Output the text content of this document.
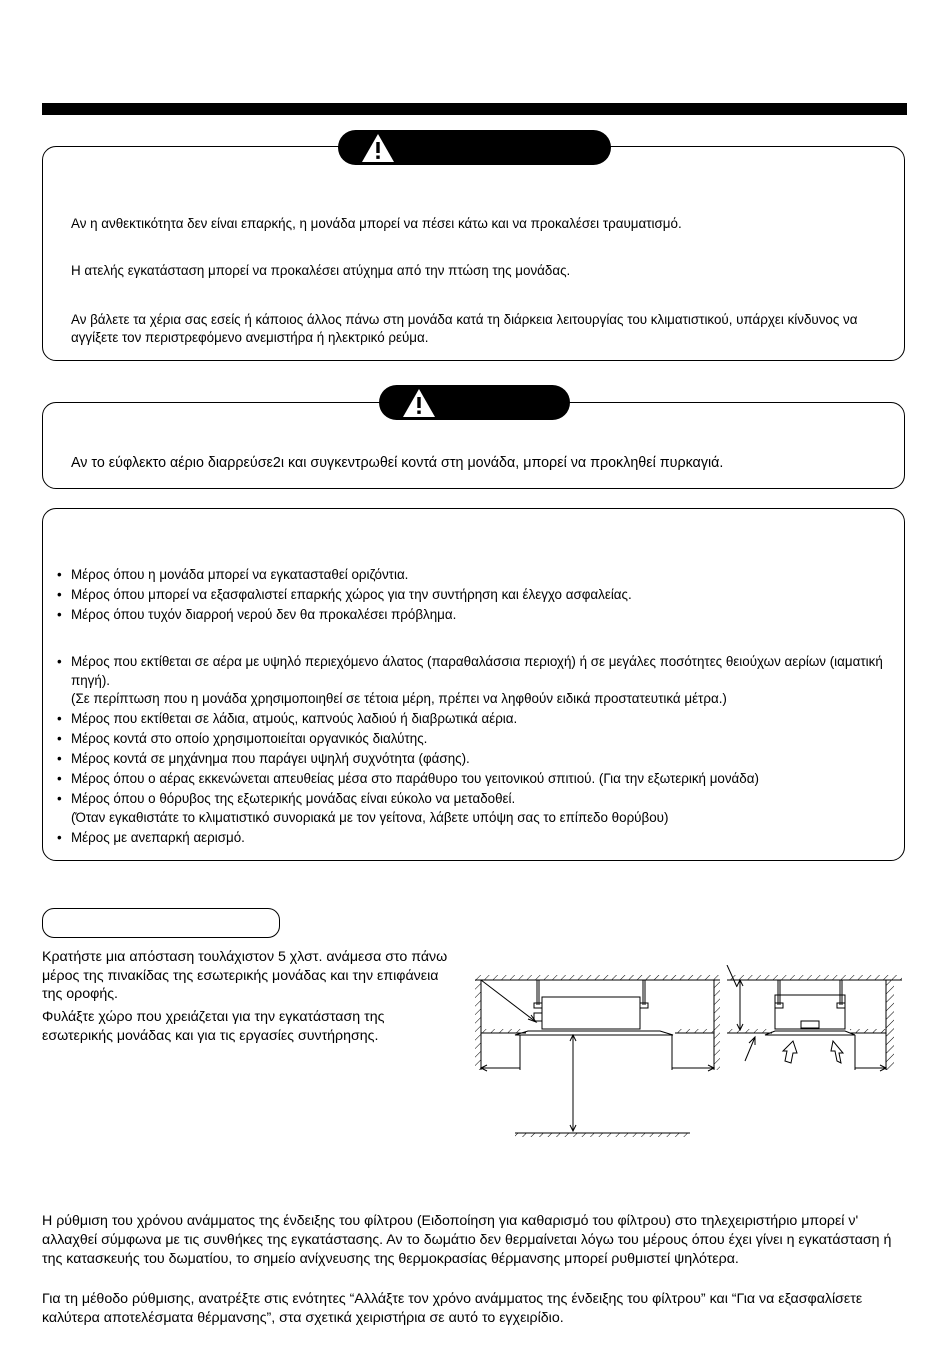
Αν η ανθεκτικότητα δεν είναι επαρκής, η μονάδα μπορεί να πέσει κάτω και να προκαλέσει τραυματισμό.
Η ατελής εγκατάσταση μπορεί να προκαλέσει ατύχημα από την πτώση της μονάδας.
Αν βάλετε τα χέρια σας εσείς ή κάποιος άλλος πάνω στη μονάδα κατά τη διάρκεια λειτουργίας του κλιματιστικού, υπάρχει κίνδυνος να αγγίξετε τον περιστρεφόμενο ανεμιστήρα ή ηλεκτρικό ρεύμα.
Αν το εύφλεκτο αέριο διαρρεύσε2ι και συγκεντρωθεί κοντά στη μονάδα, μπορεί να προκληθεί πυρκαγιά.
• Μέρος όπου η μονάδα μπορεί να εγκατασταθεί οριζόντια.
• Μέρος όπου μπορεί να εξασφαλιστεί επαρκής χώρος για την συντήρηση και έλεγχο ασφαλείας.
• Μέρος όπου τυχόν διαρροή νερού δεν θα προκαλέσει πρόβλημα.
• Μέρος που εκτίθεται σε αέρα με υψηλό περιεχόμενο άλατος (παραθαλάσσια περιοχή) ή σε μεγάλες ποσότητες θειούχων αερίων (ιαματική πηγή).
(Σε περίπτωση που η μονάδα χρησιμοποιηθεί σε τέτοια μέρη, πρέπει να ληφθούν ειδικά προστατευτικά μέτρα.)
• Μέρος που εκτίθεται σε λάδια, ατμούς, καπνούς λαδιού ή διαβρωτικά αέρια.
• Μέρος κοντά στο οποίο χρησιμοποιείται οργανικός διαλύτης.
• Μέρος κοντά σε μηχάνημα που παράγει υψηλή συχνότητα (φάσης).
• Μέρος όπου ο αέρας εκκενώνεται απευθείας μέσα στο παράθυρο του γειτονικού σπιτιού. (Για την εξωτερική μονάδα)
• Μέρος όπου ο θόρυβος της εξωτερικής μονάδας είναι εύκολο να μεταδοθεί.
(Όταν εγκαθιστάτε το κλιματιστικό συνοριακά με τον γείτονα, λάβετε υπόψη σας το επίπεδο θορύβου)
• Μέρος με ανεπαρκή αερισμό.
Κρατήστε μια απόσταση τουλάχιστον 5 χλστ. ανάμεσα στο πάνω μέρος της πινακίδας της εσωτερικής μονάδας και την επιφάνεια της οροφής.
Φυλάξτε χώρο που χρειάζεται για την εγκατάσταση της εσωτερικής μονάδας και για τις εργασίες συντήρησης.
Η ρύθμιση του χρόνου ανάμματος της ένδειξης του φίλτρου (Ειδοποίηση για καθαρισμό του φίλτρου) στο τηλεχειριστήριο μπορεί ν' αλλαχθεί σύμφωνα με τις συνθήκες της εγκατάστασης. Αν το δωμάτιο δεν θερμαίνεται λόγω του μέρους όπου έχει γίνει η εγκατάσταση ή της κατασκευής του δωματίου, το σημείο ανίχνευσης της θερμοκρασίας θέρμανσης μπορεί ρυθμιστεί ψηλότερα.
Για τη μέθοδο ρύθμισης, ανατρέξτε στις ενότητες “Αλλάξτε τον χρόνο ανάμματος της ένδειξης του φίλτρου” και “Για να εξασφαλίσετε καλύτερα αποτελέσματα θέρμανσης”, στα σχετικά χειριστήρια σε αυτό το εγχειρίδιο.
